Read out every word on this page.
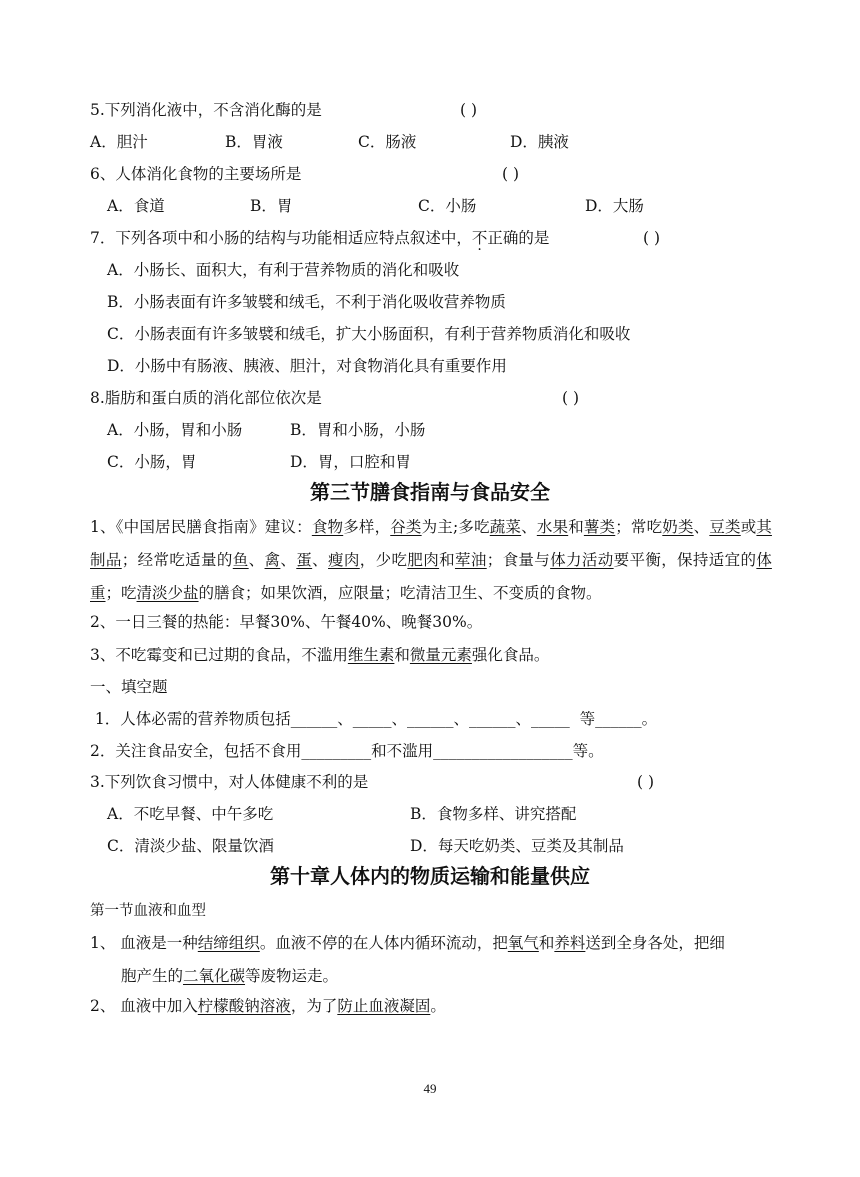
5.下列消化液中，不含消化酶的是	( )
A．胆汁	B．胃液	C．肠液	D．胰液
6、人体消化食物的主要场所是	( )
A．食道	B．胃	C．小肠	D．大肠
7．下列各项中和小肠的结构与功能相适应特点叙述中，不正确的是	( )
A．小肠长、面积大，有利于营养物质的消化和吸收
B．小肠表面有许多皱襞和绒毛，不利于消化吸收营养物质
C．小肠表面有许多皱襞和绒毛，扩大小肠面积，有利于营养物质消化和吸收
D．小肠中有肠液、胰液、胆汁，对食物消化具有重要作用
8.脂肪和蛋白质的消化部位依次是	( )
A．小肠，胃和小肠	B．胃和小肠，小肠
C．小肠，胃	D．胃，口腔和胃
第三节膳食指南与食品安全
1、《中国居民膳食指南》建议：食物多样，谷类为主;多吃蔬菜、水果和薯类；常吃奶类、豆类或其制品；经常吃适量的鱼、禽、蛋、瘦肉，少吃肥肉和荤油；食量与体力活动要平衡，保持适宜的体重；吃清淡少盐的膳食；如果饮酒，应限量；吃清洁卫生、不变质的食物。
2、一日三餐的热能：早餐30%、午餐40%、晚餐30%。
3、不吃霉变和已过期的食品，不滥用维生素和微量元素强化食品。
一、填空题
1．人体必需的营养物质包括______、_____、______、______、_____  等______。
2．关注食品安全，包括不食用_________和不滥用__________________等。
3.下列饮食习惯中，对人体健康不利的是	( )
A．不吃早餐、中午多吃	B．食物多样、讲究搭配
C．清淡少盐、限量饮酒	D．每天吃奶类、豆类及其制品
第十章人体内的物质运输和能量供应
第一节血液和血型
1、 血液是一种结缔组织。血液不停的在人体内循环流动，把氧气和养料送到全身各处，把细
胞产生的二氧化碳等废物运走。
2、 血液中加入柠檬酸钠溶液，为了防止血液凝固。
49
